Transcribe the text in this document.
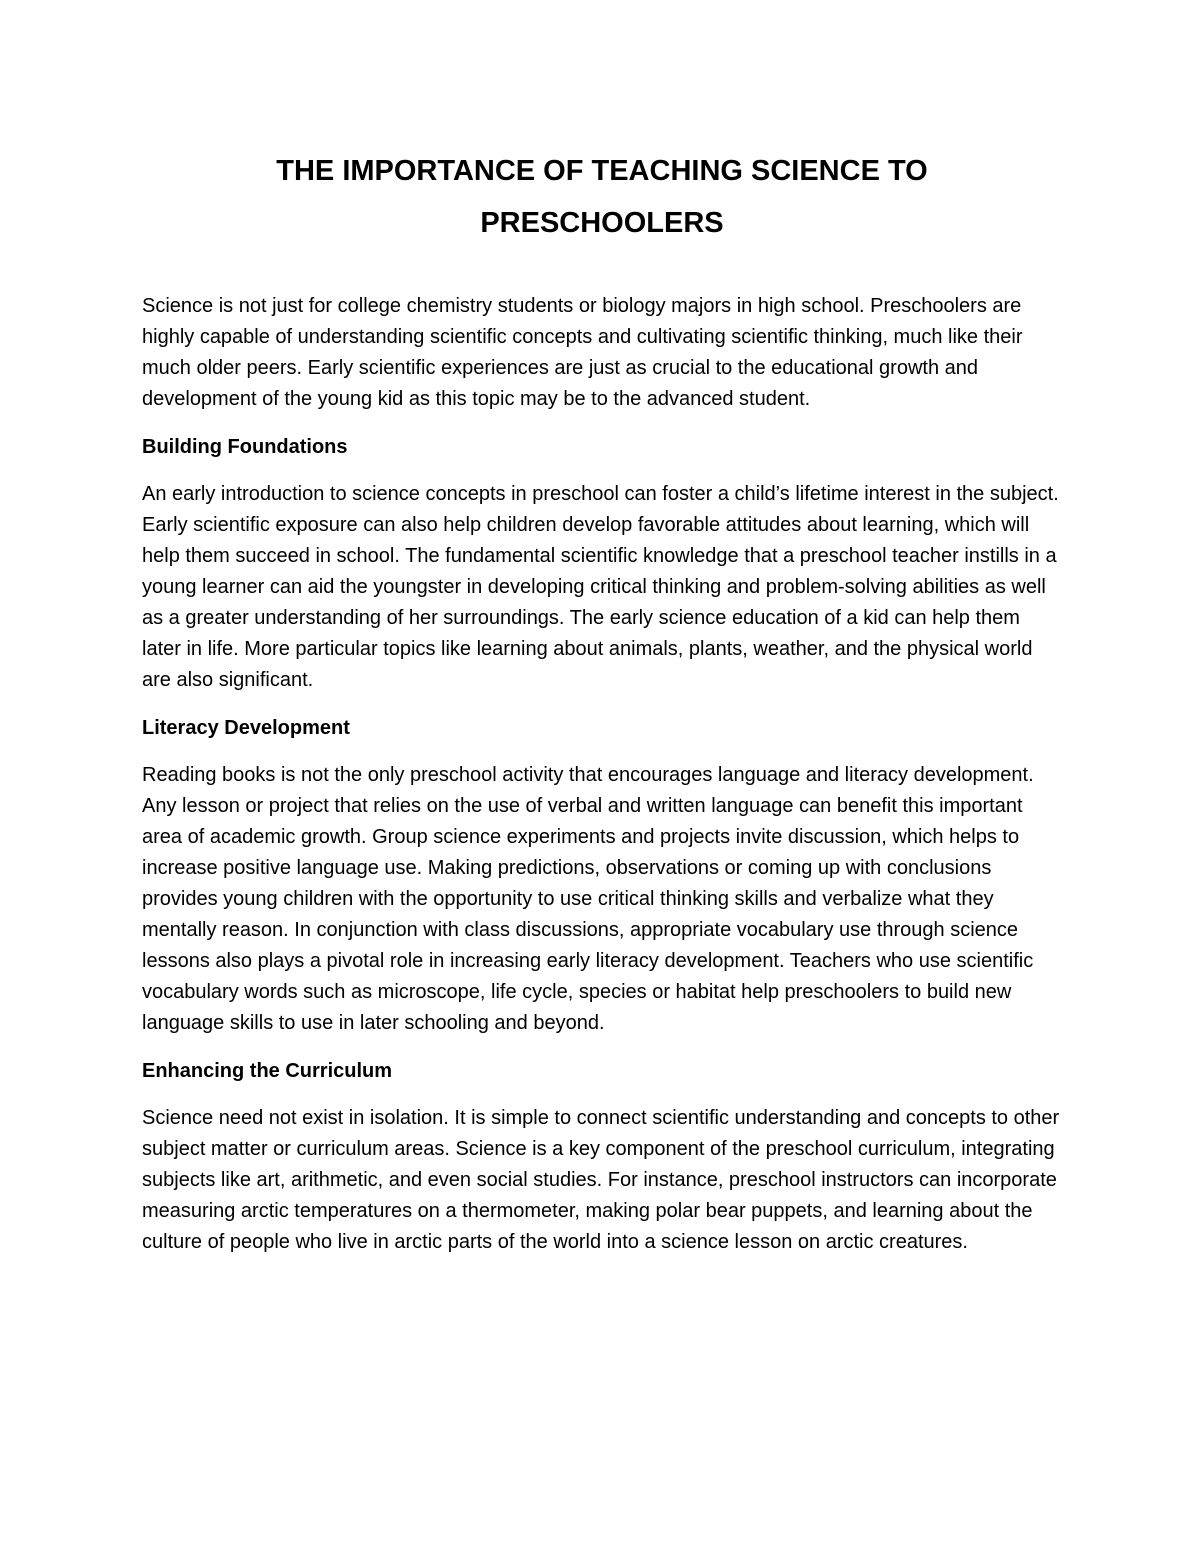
THE IMPORTANCE OF TEACHING SCIENCE TO
PRESCHOOLERS

Science is not just for college chemistry students or biology majors in high school. Preschoolers are highly capable of understanding scientific concepts and cultivating scientific thinking, much like their much older peers. Early scientific experiences are just as crucial to the educational growth and development of the young kid as this topic may be to the advanced student.

Building Foundations

An early introduction to science concepts in preschool can foster a child’s lifetime interest in the subject. Early scientific exposure can also help children develop favorable attitudes about learning, which will help them succeed in school. The fundamental scientific knowledge that a preschool teacher instills in a young learner can aid the youngster in developing critical thinking and problem-solving abilities as well as a greater understanding of her surroundings. The early science education of a kid can help them later in life. More particular topics like learning about animals, plants, weather, and the physical world are also significant.

Literacy Development

Reading books is not the only preschool activity that encourages language and literacy development. Any lesson or project that relies on the use of verbal and written language can benefit this important area of academic growth. Group science experiments and projects invite discussion, which helps to increase positive language use. Making predictions, observations or coming up with conclusions provides young children with the opportunity to use critical thinking skills and verbalize what they mentally reason. In conjunction with class discussions, appropriate vocabulary use through science lessons also plays a pivotal role in increasing early literacy development. Teachers who use scientific vocabulary words such as microscope, life cycle, species or habitat help preschoolers to build new language skills to use in later schooling and beyond.

Enhancing the Curriculum

Science need not exist in isolation. It is simple to connect scientific understanding and concepts to other subject matter or curriculum areas. Science is a key component of the preschool curriculum, integrating subjects like art, arithmetic, and even social studies. For instance, preschool instructors can incorporate measuring arctic temperatures on a thermometer, making polar bear puppets, and learning about the culture of people who live in arctic parts of the world into a science lesson on arctic creatures.
